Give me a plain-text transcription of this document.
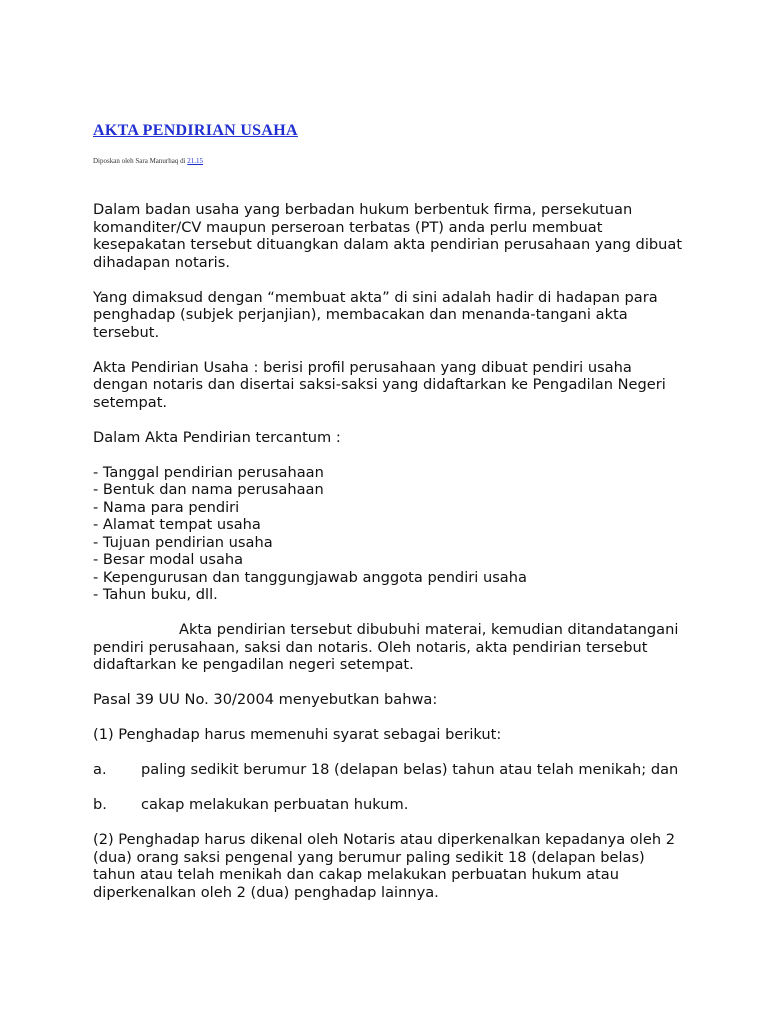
AKTA PENDIRIAN USAHA
Diposkan oleh Sara Manurhaq di 21.15

Dalam badan usaha yang berbadan hukum berbentuk firma, persekutuan komanditer/CV maupun perseroan terbatas (PT) anda perlu membuat kesepakatan tersebut dituangkan dalam akta pendirian perusahaan yang dibuat dihadapan notaris.

Yang dimaksud dengan “membuat akta” di sini adalah hadir di hadapan para penghadap (subjek perjanjian), membacakan dan menanda-tangani akta tersebut.

Akta Pendirian Usaha : berisi profil perusahaan yang dibuat pendiri usaha dengan notaris dan disertai saksi-saksi yang didaftarkan ke Pengadilan Negeri setempat.

Dalam Akta Pendirian tercantum :

- Tanggal pendirian perusahaan
- Bentuk dan nama perusahaan
- Nama para pendiri
- Alamat tempat usaha
- Tujuan pendirian usaha
- Besar modal usaha
- Kepengurusan dan tanggungjawab anggota pendiri usaha
- Tahun buku, dll.

Akta pendirian tersebut dibubuhi materai, kemudian ditandatangani pendiri perusahaan, saksi dan notaris. Oleh notaris, akta pendirian tersebut didaftarkan ke pengadilan negeri setempat.

Pasal 39 UU No. 30/2004 menyebutkan bahwa:

(1) Penghadap harus memenuhi syarat sebagai berikut:

a. paling sedikit berumur 18 (delapan belas) tahun atau telah menikah; dan

b. cakap melakukan perbuatan hukum.

(2) Penghadap harus dikenal oleh Notaris atau diperkenalkan kepadanya oleh 2 (dua) orang saksi pengenal yang berumur paling sedikit 18 (delapan belas) tahun atau telah menikah dan cakap melakukan perbuatan hukum atau diperkenalkan oleh 2 (dua) penghadap lainnya.
